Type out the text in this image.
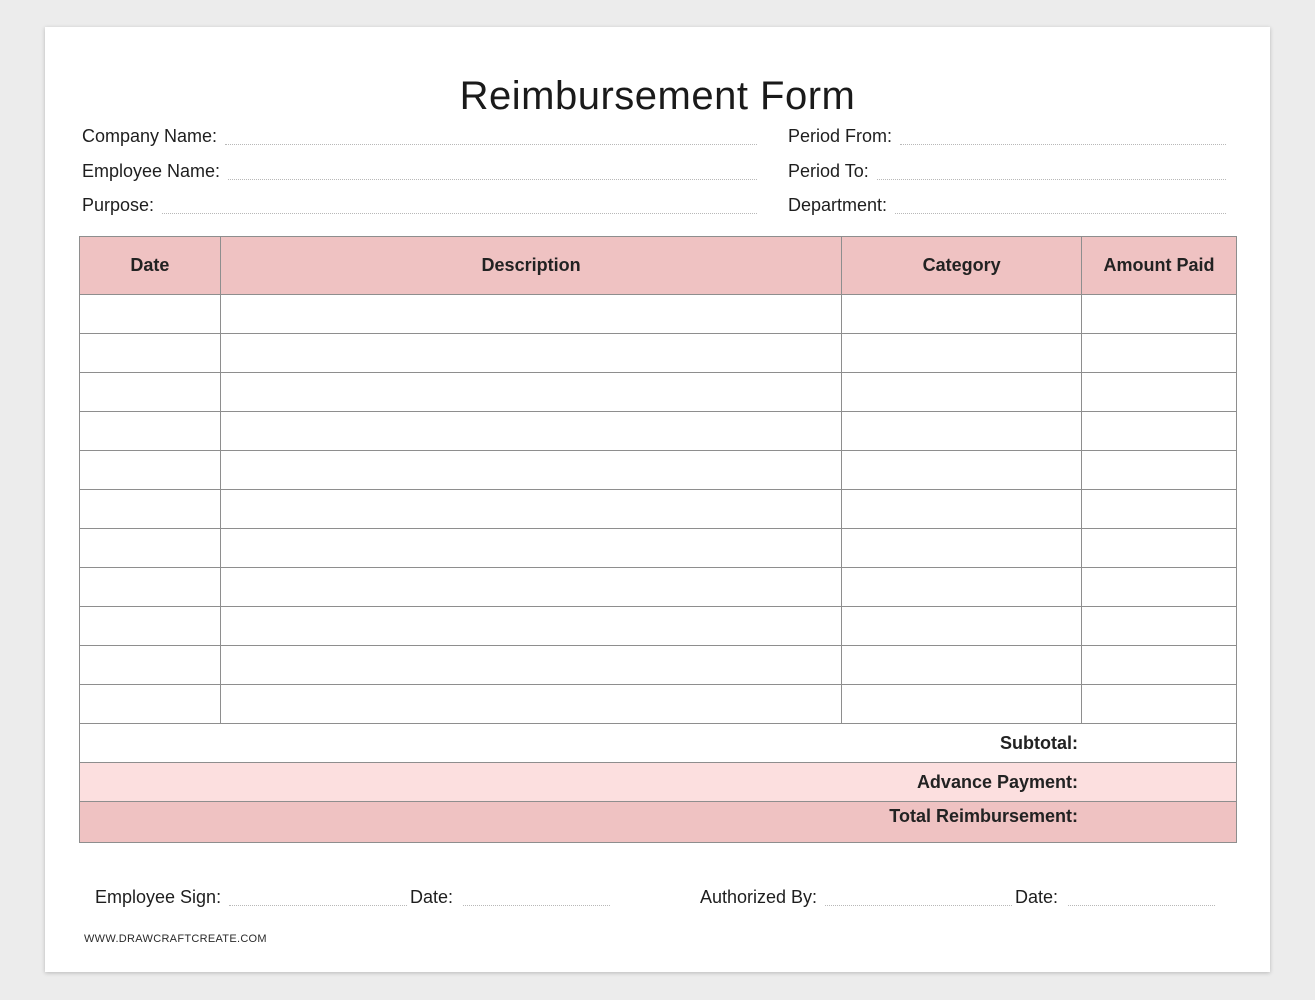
Reimbursement Form
Company Name:
Employee Name:
Purpose:
Period From:
Period To:
Department:
Date	Description	Category	Amount Paid

Subtotal:			
Advance Payment:			
Total Reimbursement:			
Employee Sign:	Date:	Authorized By:	Date:
WWW.DRAWCRAFTCREATE.COM
